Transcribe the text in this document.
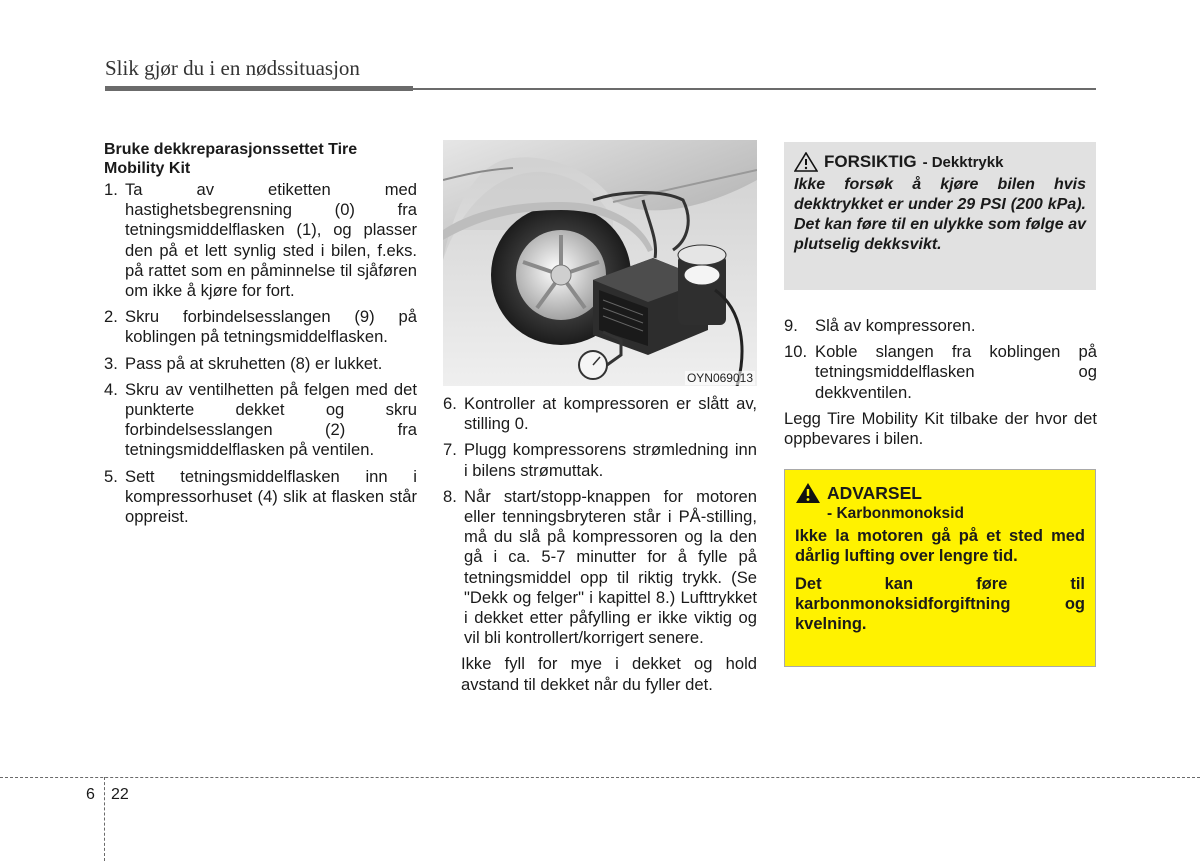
Slik gjør du i en nødssituasjon
Bruke dekkreparasjonssettet Tire Mobility Kit
1. Ta av etiketten med hastighetsbegrensning (0) fra tetningsmiddelflasken (1), og plasser den på et lett synlig sted i bilen, f.eks. på rattet som en påminnelse til sjåføren om ikke å kjøre for fort.
2. Skru forbindelsesslangen (9) på koblingen på tetningsmiddelflasken.
3. Pass på at skruhetten (8) er lukket.
4. Skru av ventilhetten på felgen med det punkterte dekket og skru forbindelsesslangen (2) fra tetningsmiddelflasken på ventilen.
5. Sett tetningsmiddelflasken inn i kompressorhuset (4) slik at flasken står oppreist.
OYN069013
6. Kontroller at kompressoren er slått av, stilling 0.
7. Plugg kompressorens strømledning inn i bilens strømuttak.
8. Når start/stopp-knappen for motoren eller tenningsbryteren står i PÅ-stilling, må du slå på kompressoren og la den gå i ca. 5-7 minutter for å fylle på tetningsmiddel opp til riktig trykk. (Se "Dekk og felger" i kapittel 8.) Lufttrykket i dekket etter påfylling er ikke viktig og vil bli kontrollert/korrigert senere.

Ikke fyll for mye i dekket og hold avstand til dekket når du fyller det.

FORSIKTIG - Dekktrykk
Ikke forsøk å kjøre bilen hvis dekktrykket er under 29 PSI (200 kPa). Det kan føre til en ulykke som følge av plutselig dekksvikt.
9.	Slå av kompressoren.
10. Koble slangen fra koblingen på tetningsmiddelflasken og dekkventilen.

Legg Tire Mobility Kit tilbake der hvor det oppbevares i bilen.

ADVARSEL
- Karbonmonoksid

Ikke la motoren gå på et sted med dårlig lufting over lengre tid.

Det kan føre til karbonmonoksidforgiftning og kvelning.

6 22
